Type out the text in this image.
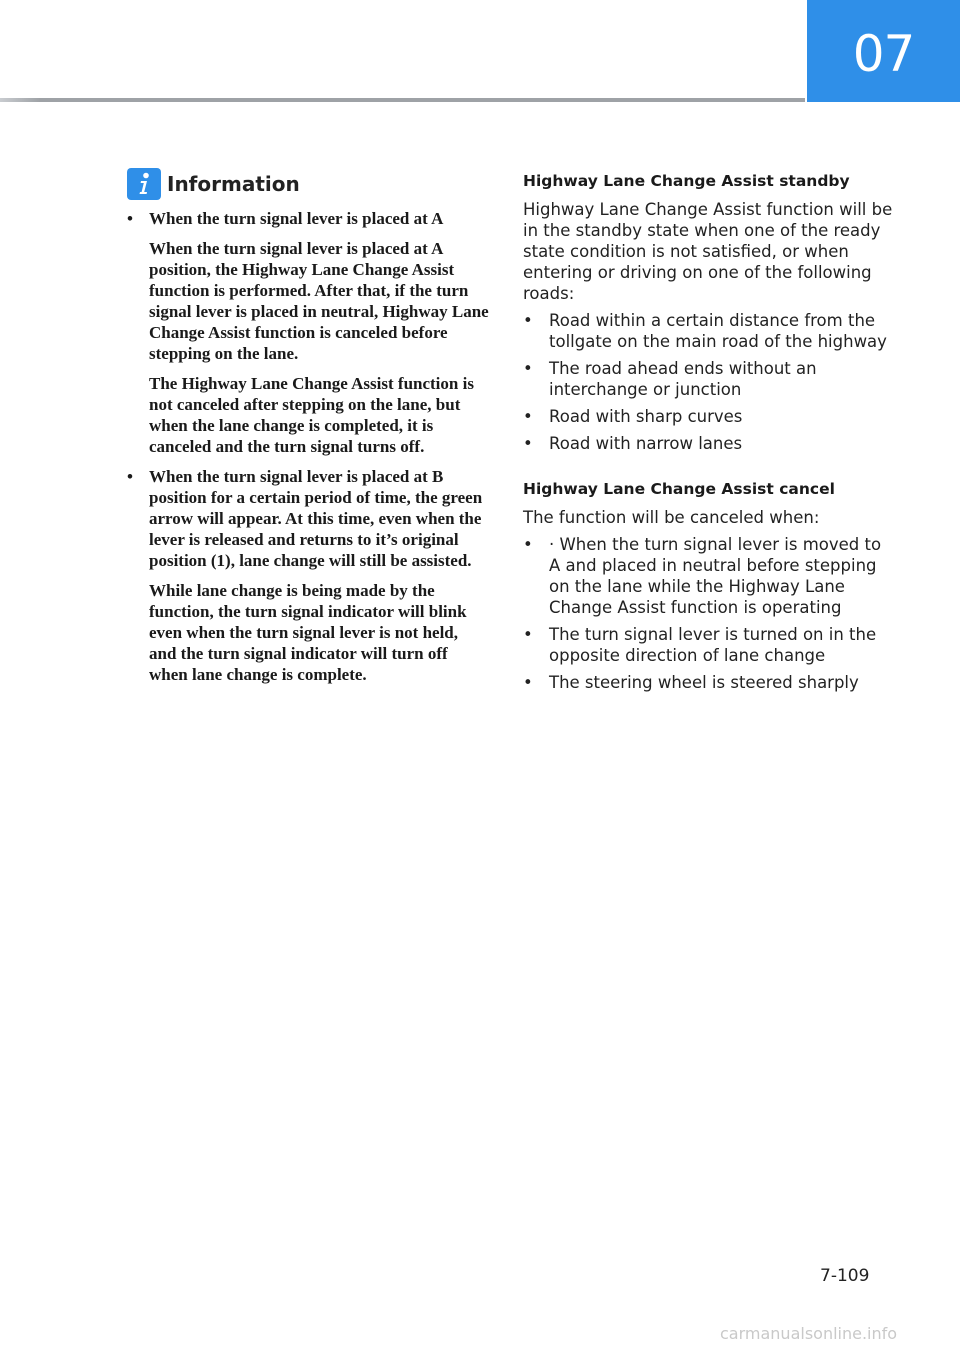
07
Information
• When the turn signal lever is placed at A

When the turn signal lever is placed at A position, the Highway Lane Change Assist function is performed. After that, if the turn signal lever is placed in neutral, Highway Lane Change Assist function is canceled before stepping on the lane.

The Highway Lane Change Assist function is not canceled after stepping on the lane, but when the lane change is completed, it is canceled and the turn signal turns off.

• When the turn signal lever is placed at B position for a certain period of time, the green arrow will appear. At this time, even when the lever is released and returns to it’s original position (1), lane change will still be assisted.

While lane change is being made by the function, the turn signal indicator will blink even when the turn signal lever is not held, and the turn signal indicator will turn off when lane change is complete.

Highway Lane Change Assist standby
Highway Lane Change Assist function will be in the standby state when one of the ready state condition is not satisfied, or when entering or driving on one of the following roads:
• Road within a certain distance from the tollgate on the main road of the highway
• The road ahead ends without an interchange or junction
• Road with sharp curves
• Road with narrow lanes
Highway Lane Change Assist cancel
The function will be canceled when:
• · When the turn signal lever is moved to A and placed in neutral before stepping on the lane while the Highway Lane Change Assist function is operating
• The turn signal lever is turned on in the opposite direction of lane change
• The steering wheel is steered sharply
7-109
carmanualsonline.info
